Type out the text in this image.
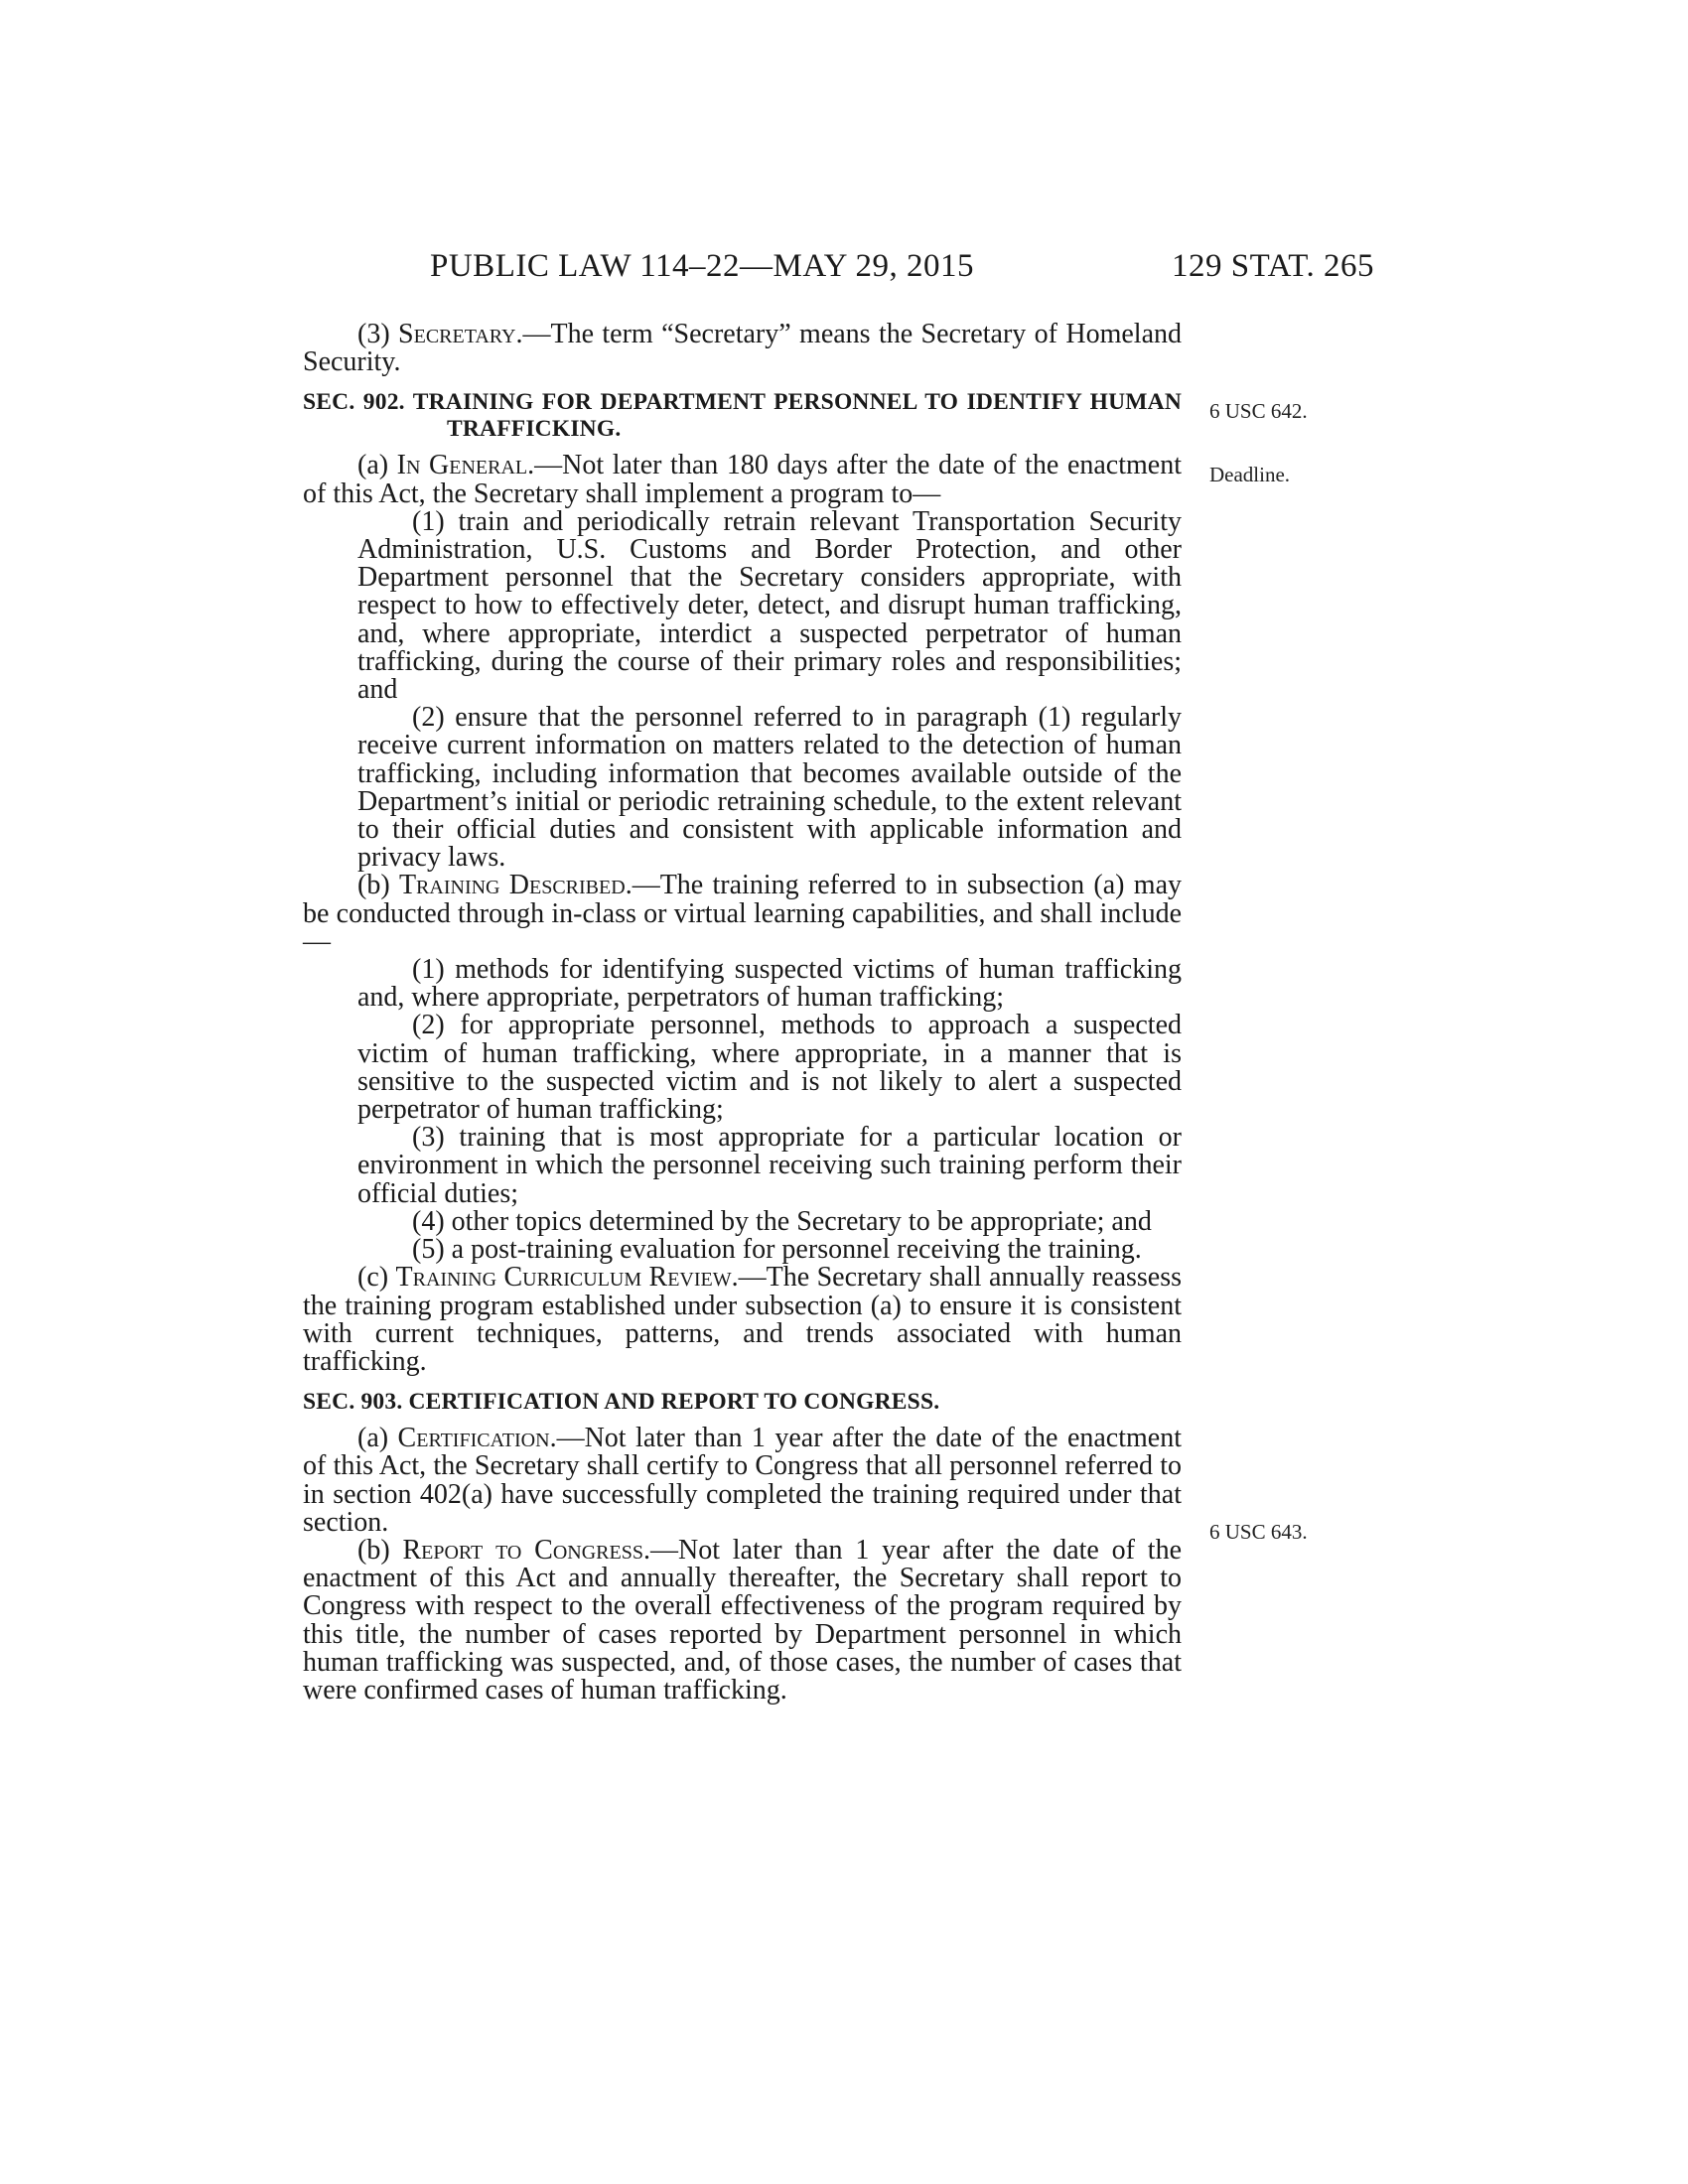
PUBLIC LAW 114–22—MAY 29, 2015	129 STAT. 265
6 USC 642.
Deadline.
6 USC 643.

(3) Secretary.—The term “Secretary” means the Secretary of Homeland Security.

SEC. 902. TRAINING FOR DEPARTMENT PERSONNEL TO IDENTIFY HUMAN TRAFFICKING.

(a) In General.—Not later than 180 days after the date of the enactment of this Act, the Secretary shall implement a program to—

(1) train and periodically retrain relevant Transportation Security Administration, U.S. Customs and Border Protection, and other Department personnel that the Secretary considers appropriate, with respect to how to effectively deter, detect, and disrupt human trafficking, and, where appropriate, interdict a suspected perpetrator of human trafficking, during the course of their primary roles and responsibilities; and

(2) ensure that the personnel referred to in paragraph (1) regularly receive current information on matters related to the detection of human trafficking, including information that becomes available outside of the Department’s initial or periodic retraining schedule, to the extent relevant to their official duties and consistent with applicable information and privacy laws.

(b) Training Described.—The training referred to in subsection (a) may be conducted through in-class or virtual learning capabilities, and shall include—

(1) methods for identifying suspected victims of human trafficking and, where appropriate, perpetrators of human trafficking;

(2) for appropriate personnel, methods to approach a suspected victim of human trafficking, where appropriate, in a manner that is sensitive to the suspected victim and is not likely to alert a suspected perpetrator of human trafficking;

(3) training that is most appropriate for a particular location or environment in which the personnel receiving such training perform their official duties;

(4) other topics determined by the Secretary to be appropriate; and

(5) a post-training evaluation for personnel receiving the training.

(c) Training Curriculum Review.—The Secretary shall annually reassess the training program established under subsection (a) to ensure it is consistent with current techniques, patterns, and trends associated with human trafficking.

SEC. 903. CERTIFICATION AND REPORT TO CONGRESS.

(a) Certification.—Not later than 1 year after the date of the enactment of this Act, the Secretary shall certify to Congress that all personnel referred to in section 402(a) have successfully completed the training required under that section.

(b) Report to Congress.—Not later than 1 year after the date of the enactment of this Act and annually thereafter, the Secretary shall report to Congress with respect to the overall effectiveness of the program required by this title, the number of cases reported by Department personnel in which human trafficking was suspected, and, of those cases, the number of cases that were confirmed cases of human trafficking.
